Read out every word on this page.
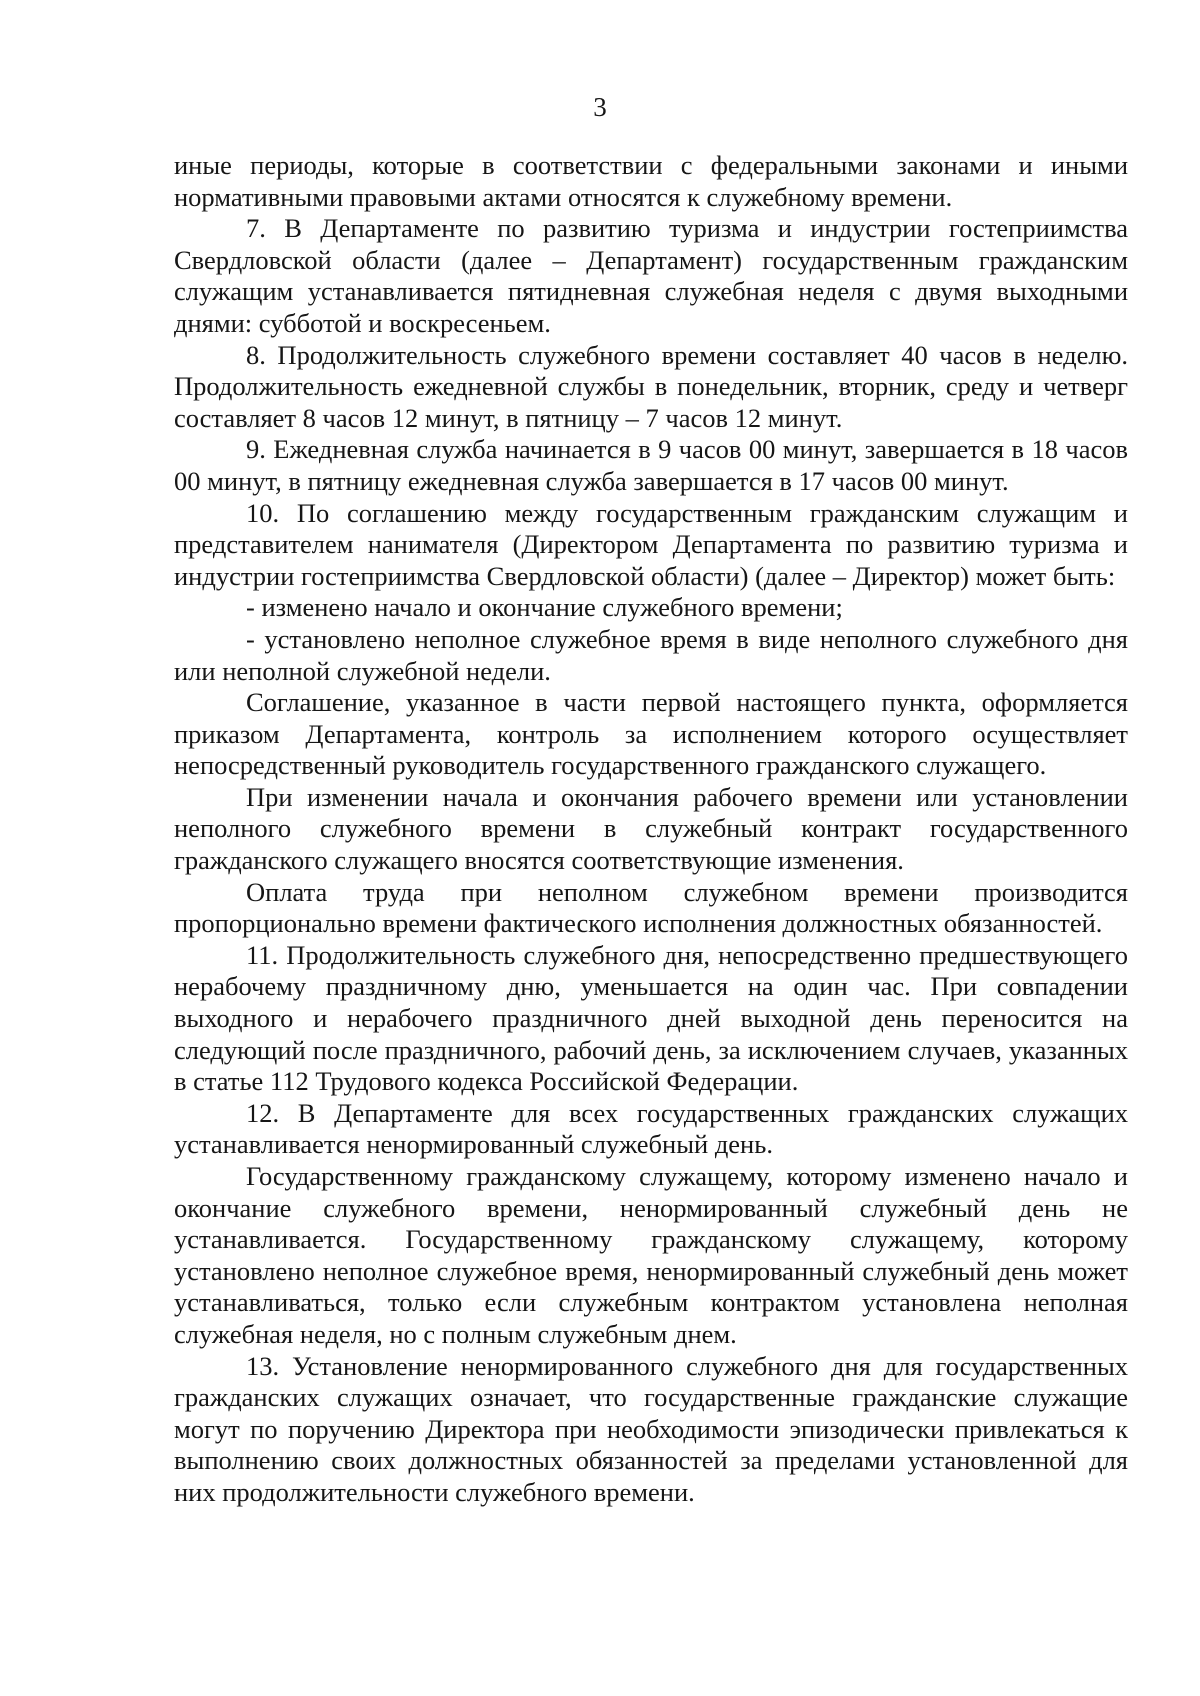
3

иные периоды, которые в соответствии с федеральными законами и иными нормативными правовыми актами относятся к служебному времени.

7. В Департаменте по развитию туризма и индустрии гостеприимства Свердловской области (далее – Департамент) государственным гражданским служащим устанавливается пятидневная служебная неделя с двумя выходными днями: субботой и воскресеньем.

8. Продолжительность служебного времени составляет 40 часов в неделю. Продолжительность ежедневной службы в понедельник, вторник, среду и четверг составляет 8 часов 12 минут, в пятницу – 7 часов 12 минут.

9. Ежедневная служба начинается в 9 часов 00 минут, завершается в 18 часов 00 минут, в пятницу ежедневная служба завершается в 17 часов 00 минут.

10. По соглашению между государственным гражданским служащим и представителем нанимателя (Директором Департамента по развитию туризма и индустрии гостеприимства Свердловской области) (далее – Директор) может быть:

- изменено начало и окончание служебного времени;

- установлено неполное служебное время в виде неполного служебного дня или неполной служебной недели.

Соглашение, указанное в части первой настоящего пункта, оформляется приказом Департамента, контроль за исполнением которого осуществляет непосредственный руководитель государственного гражданского служащего.

При изменении начала и окончания рабочего времени или установлении неполного служебного времени в служебный контракт государственного гражданского служащего вносятся соответствующие изменения.

Оплата труда при неполном служебном времени производится пропорционально времени фактического исполнения должностных обязанностей.

11. Продолжительность служебного дня, непосредственно предшествующего нерабочему праздничному дню, уменьшается на один час. При совпадении выходного и нерабочего праздничного дней выходной день переносится на следующий после праздничного, рабочий день, за исключением случаев, указанных в статье 112 Трудового кодекса Российской Федерации.

12. В Департаменте для всех государственных гражданских служащих устанавливается ненормированный служебный день.

Государственному гражданскому служащему, которому изменено начало и окончание служебного времени, ненормированный служебный день не устанавливается. Государственному гражданскому служащему, которому установлено неполное служебное время, ненормированный служебный день может устанавливаться, только если служебным контрактом установлена неполная служебная неделя, но с полным служебным днем.

13. Установление ненормированного служебного дня для государственных гражданских служащих означает, что государственные гражданские служащие могут по поручению Директора при необходимости эпизодически привлекаться к выполнению своих должностных обязанностей за пределами установленной для них продолжительности служебного времени.
